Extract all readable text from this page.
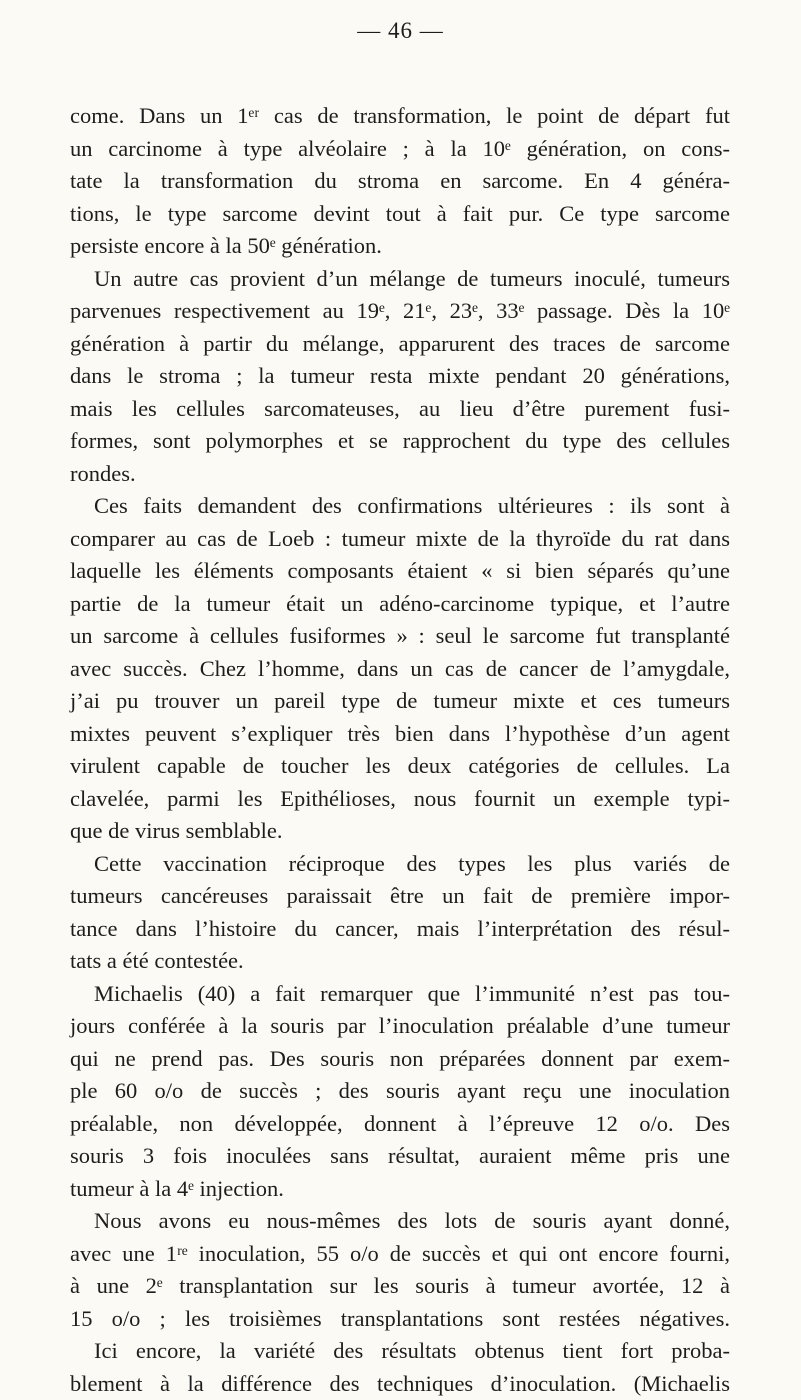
— 46 —
come. Dans un 1ᵉʳ cas de transformation, le point de départ fut
un carcinome à type alvéolaire ; à la 10ᵉ génération, on cons-
tate la transformation du stroma en sarcome. En 4 généra-
tions, le type sarcome devint tout à fait pur. Ce type sarcome
persiste encore à la 50ᵉ génération.
Un autre cas provient d’un mélange de tumeurs inoculé, tumeurs
parvenues respectivement au 19ᵉ, 21ᵉ, 23ᵉ, 33ᵉ passage. Dès la 10ᵉ
génération à partir du mélange, apparurent des traces de sarcome
dans le stroma ; la tumeur resta mixte pendant 20 générations,
mais les cellules sarcomateuses, au lieu d’être purement fusi-
formes, sont polymorphes et se rapprochent du type des cellules
rondes.
Ces faits demandent des confirmations ultérieures : ils sont à
comparer au cas de Loeb : tumeur mixte de la thyroïde du rat dans
laquelle les éléments composants étaient « si bien séparés qu’une
partie de la tumeur était un adéno-carcinome typique, et l’autre
un sarcome à cellules fusiformes » : seul le sarcome fut transplanté
avec succès. Chez l’homme, dans un cas de cancer de l’amygdale,
j’ai pu trouver un pareil type de tumeur mixte et ces tumeurs
mixtes peuvent s’expliquer très bien dans l’hypothèse d’un agent
virulent capable de toucher les deux catégories de cellules. La
clavelée, parmi les Epithélioses, nous fournit un exemple typi-
que de virus semblable.
Cette vaccination réciproque des types les plus variés de
tumeurs cancéreuses paraissait être un fait de première impor-
tance dans l’histoire du cancer, mais l’interprétation des résul-
tats a été contestée.
Michaelis (40) a fait remarquer que l’immunité n’est pas tou-
jours conférée à la souris par l’inoculation préalable d’une tumeur
qui ne prend pas. Des souris non préparées donnent par exem-
ple 60 o/o de succès ; des souris ayant reçu une inoculation
préalable, non développée, donnent à l’épreuve 12 o/o. Des
souris 3 fois inoculées sans résultat, auraient même pris une
tumeur à la 4ᵉ injection.
Nous avons eu nous-mêmes des lots de souris ayant donné,
avec une 1ʳᵉ inoculation, 55 o/o de succès et qui ont encore fourni,
à une 2ᵉ transplantation sur les souris à tumeur avortée, 12 à
15 o/o ; les troisièmes transplantations sont restées négatives.
Ici encore, la variété des résultats obtenus tient fort proba-
blement à la différence des techniques d’inoculation. (Michaelis
